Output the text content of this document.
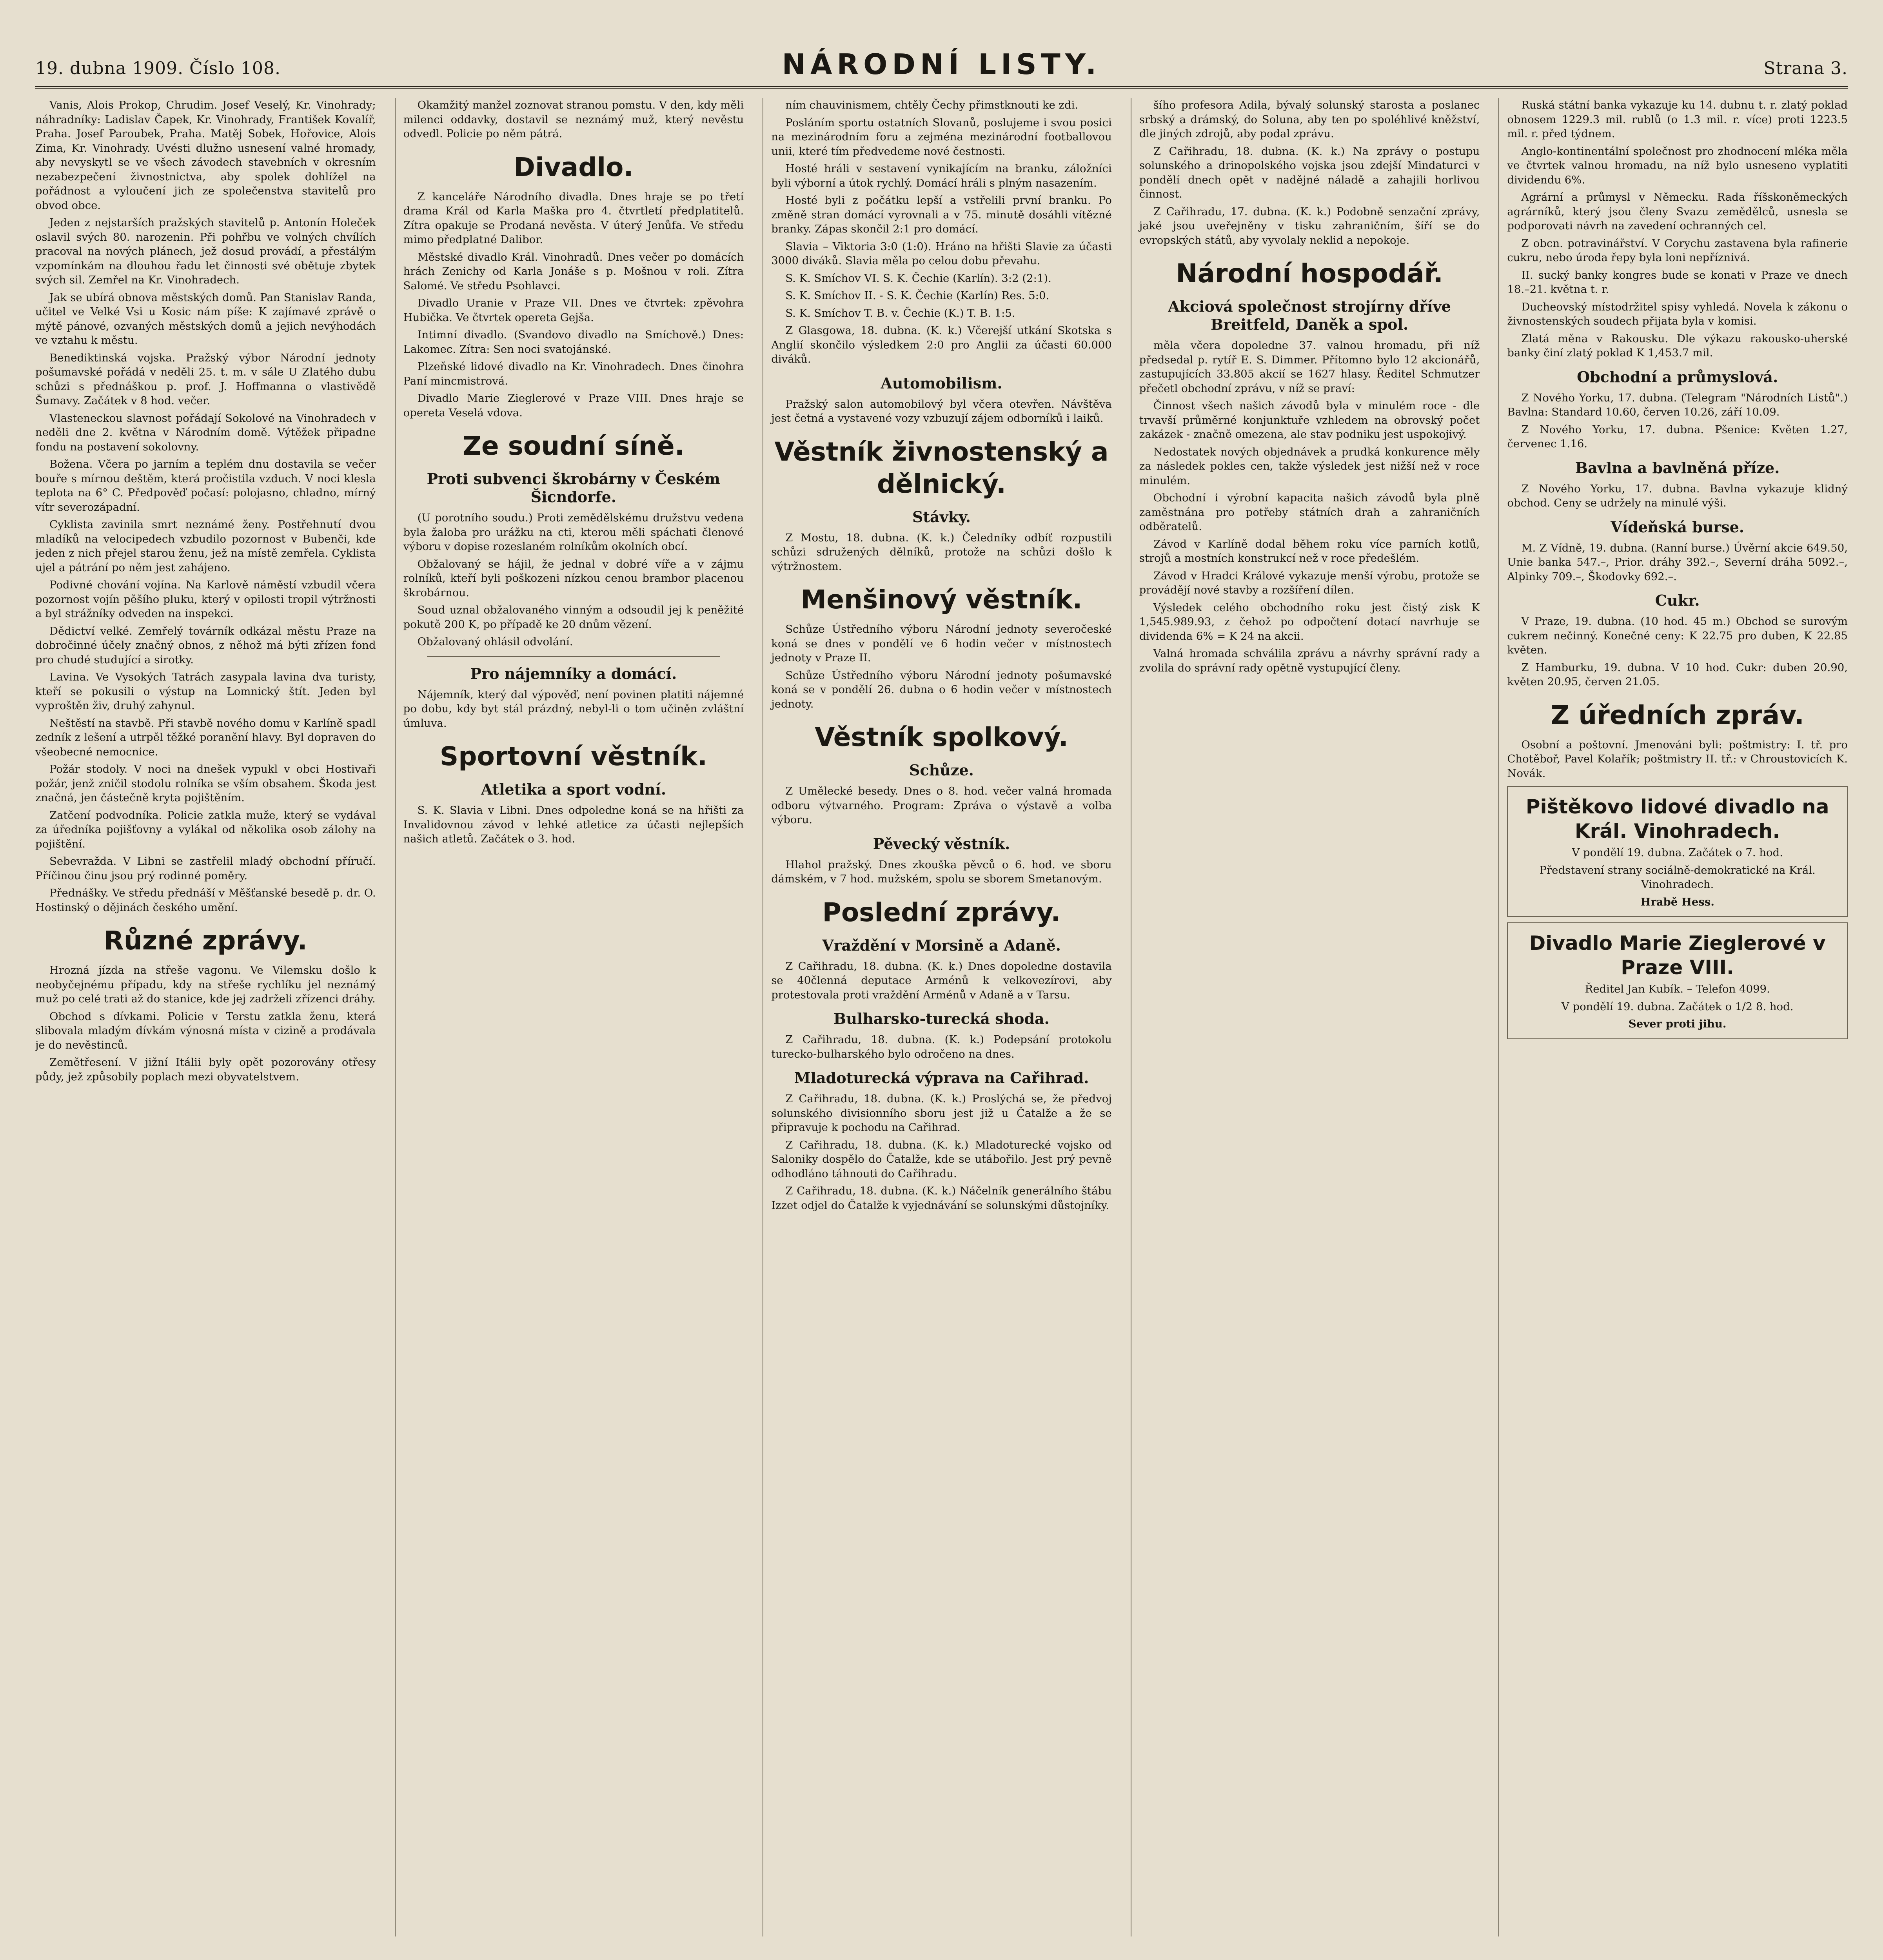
19. dubna 1909. Číslo 108.	NÁRODNÍ LISTY.	Strana 3.

Vanis, Alois Prokop, Chrudim. Josef Veselý, Kr. Vinohrady; náhradníky: Ladislav Čapek, Kr. Vinohrady, František Kovalíř, Praha. Josef Paroubek, Praha. Matěj Sobek, Hořovice, Alois Zima, Kr. Vinohrady. Uvésti dlužno usnesení valné hromady, aby nevyskytl se ve všech závodech stavebních v okresním nezabezpečení živnostnictva, aby spolek dohlížel na pořádnost a vyloučení jich ze společenstva stavitelů pro obvod obce.

Jeden z nejstarších pražských stavitelů p. Antonín Holeček oslavil svých 80. narozenin. Při pohřbu ve volných chvílích pracoval na nových plánech, jež dosud provádí, a přestálým vzpomínkám na dlouhou řadu let činnosti své obětuje zbytek svých sil. Zemřel na Kr. Vinohradech.

Jak se ubírá obnova městských domů. Pan Stanislav Randa, učitel ve Velké Vsi u Kosic nám píše: K zajímavé zprávě o mýtě pánové, ozvaných městských domů a jejich nevýhodách ve vztahu k městu.

Benediktinská vojska. Pražský výbor Národní jednoty pošumavské pořádá v neděli 25. t. m. v sále U Zlatého dubu schůzi s přednáškou p. prof. J. Hoffmanna o vlastivědě Šumavy. Začátek v 8 hod. večer.

Vlasteneckou slavnost pořádají Sokolové na Vinohradech v neděli dne 2. května v Národním domě. Výtěžek připadne fondu na postavení sokolovny.

Božena. Včera po jarním a teplém dnu dostavila se večer bouře s mírnou deštěm, která pročistila vzduch. V noci klesla teplota na 6° C. Předpověď počasí: polojasno, chladno, mírný vítr severozápadní.

Cyklista zavinila smrt neznámé ženy. Postřehnutí dvou mladíků na velocipedech vzbudilo pozornost v Bubenči, kde jeden z nich přejel starou ženu, jež na místě zemřela. Cyklista ujel a pátrání po něm jest zahájeno.

Podivné chování vojína. Na Karlově náměstí vzbudil včera pozornost vojín pěšího pluku, který v opilosti tropil výtržnosti a byl strážníky odveden na inspekci.

Dědictví velké. Zemřelý továrník odkázal městu Praze na dobročinné účely značný obnos, z něhož má býti zřízen fond pro chudé studující a sirotky.

Lavina. Ve Vysokých Tatrách zasypala lavina dva turisty, kteří se pokusili o výstup na Lomnický štít. Jeden byl vyproštěn živ, druhý zahynul.

Neštěstí na stavbě. Při stavbě nového domu v Karlíně spadl zedník z lešení a utrpěl těžké poranění hlavy. Byl dopraven do všeobecné nemocnice.

Požár stodoly. V noci na dnešek vypukl v obci Hostivaři požár, jenž zničil stodolu rolníka se vším obsahem. Škoda jest značná, jen částečně kryta pojištěním.

Zatčení podvodníka. Policie zatkla muže, který se vydával za úředníka pojišťovny a vylákal od několika osob zálohy na pojištění.

Sebevražda. V Libni se zastřelil mladý obchodní příručí. Příčinou činu jsou prý rodinné poměry.

Přednášky. Ve středu přednáší v Měšťanské besedě p. dr. O. Hostinský o dějinách českého umění.

Různé zprávy.

Hrozná jízda na střeše vagonu. Ve Vilemsku došlo k neobyčejnému případu, kdy na střeše rychlíku jel neznámý muž po celé trati až do stanice, kde jej zadrželi zřízenci dráhy.

Obchod s dívkami. Policie v Terstu zatkla ženu, která slibovala mladým dívkám výnosná místa v cizině a prodávala je do nevěstinců.

Zemětřesení. V jižní Itálii byly opět pozorovány otřesy půdy, jež způsobily poplach mezi obyvatelstvem.

Okamžitý manžel zoznovat stranou pomstu. V den, kdy měli milenci oddavky, dostavil se neznámý muž, který nevěstu odvedl. Policie po něm pátrá.

Divadlo.

Z kanceláře Národního divadla. Dnes hraje se po třetí drama Král od Karla Maška pro 4. čtvrtletí předplatitelů. Zítra opakuje se Prodaná nevěsta. V úterý Jenůfa. Ve středu mimo předplatné Dalibor.

Městské divadlo Král. Vinohradů. Dnes večer po domácích hrách Zenichy od Karla Jonáše s p. Mošnou v roli. Zítra Salomé. Ve středu Psohlavci.

Divadlo Uranie v Praze VII. Dnes ve čtvrtek: zpěvohra Hubička. Ve čtvrtek opereta Gejša.

Intimní divadlo. (Svandovo divadlo na Smíchově.) Dnes: Lakomec. Zítra: Sen noci svatojánské.

Plzeňské lidové divadlo na Kr. Vinohradech. Dnes činohra Paní mincmistrová.

Divadlo Marie Zieglerové v Praze VIII. Dnes hraje se opereta Veselá vdova.

Ze soudní síně.
Proti subvenci škrobárny v Českém Šicndorfe.

(U porotního soudu.) Proti zemědělskému družstvu vedena byla žaloba pro urážku na cti, kterou měli spáchati členové výboru v dopise rozeslaném rolníkům okolních obcí.

Obžalovaný se hájil, že jednal v dobré víře a v zájmu rolníků, kteří byli poškozeni nízkou cenou brambor placenou škrobárnou.

Soud uznal obžalovaného vinným a odsoudil jej k peněžité pokutě 200 K, po případě ke 20 dnům vězení.

Obžalovaný ohlásil odvolání.

Pro nájemníky a domácí.

Nájemník, který dal výpověď, není povinen platiti nájemné po dobu, kdy byt stál prázdný, nebyl-li o tom učiněn zvláštní úmluva.

Sportovní věstník.
Atletika a sport vodní.

S. K. Slavia v Libni. Dnes odpoledne koná se na hřišti za Invalidovnou závod v lehké atletice za účasti nejlepších našich atletů. Začátek o 3. hod.

ním chauvinismem, chtěly Čechy přimstknouti ke zdi.

Posláním sportu ostatních Slovanů, poslujeme i svou posici na mezinárodním foru a zejména mezinárodní footballovou unii, které tím předvedeme nové čestnosti.

Hosté hráli v sestavení vynikajícím na branku, záložníci byli výborní a útok rychlý. Domácí hráli s plným nasazením.

Hosté byli z počátku lepší a vstřelili první branku. Po změně stran domácí vyrovnali a v 75. minutě dosáhli vítězné branky. Zápas skončil 2:1 pro domácí.

Slavia – Viktoria 3:0 (1:0). Hráno na hřišti Slavie za účasti 3000 diváků. Slavia měla po celou dobu převahu.

S. K. Smíchov VI. S. K. Čechie (Karlín). 3:2 (2:1).

S. K. Smíchov II. - S. K. Čechie (Karlín) Res. 5:0.

S. K. Smíchov T. B. v. Čechie (K.) T. B. 1:5.

Z Glasgowa, 18. dubna. (K. k.) Včerejší utkání Skotska s Anglií skončilo výsledkem 2:0 pro Anglii za účasti 60.000 diváků.

Automobilism.

Pražský salon automobilový byl včera otevřen. Návštěva jest četná a vystavené vozy vzbuzují zájem odborníků i laiků.

Věstník živnostenský a dělnický.
Stávky.

Z Mostu, 18. dubna. (K. k.) Čeledníky odbíť rozpustili schůzi sdružených dělníků, protože na schůzi došlo k výtržnostem.

Menšinový věstník.

Schůze Ústředního výboru Národní jednoty severočeské koná se dnes v pondělí ve 6 hodin večer v místnostech jednoty v Praze II.

Schůze Ústředního výboru Národní jednoty pošumavské koná se v pondělí 26. dubna o 6 hodin večer v místnostech jednoty.

Věstník spolkový.
Schůze.

Z Umělecké besedy. Dnes o 8. hod. večer valná hromada odboru výtvarného. Program: Zpráva o výstavě a volba výboru.

Pěvecký věstník.

Hlahol pražský. Dnes zkouška pěvců o 6. hod. ve sboru dámském, v 7 hod. mužském, spolu se sborem Smetanovým.

Poslední zprávy.
Vraždění v Morsině a Adaně.

Z Cařihradu, 18. dubna. (K. k.) Dnes dopoledne dostavila se 40členná deputace Arménů k velkovezírovi, aby protestovala proti vraždění Arménů v Adaně a v Tarsu.

Bulharsko-turecká shoda.

Z Cařihradu, 18. dubna. (K. k.) Podepsání protokolu turecko-bulharského bylo odročeno na dnes.

Mladoturecká výprava na Cařihrad.

Z Cařihradu, 18. dubna. (K. k.) Proslýchá se, že předvoj solunského divisionního sboru jest již u Čatalže a že se připravuje k pochodu na Cařihrad.

Z Cařihradu, 18. dubna. (K. k.) Mladoturecké vojsko od Saloniky dospělo do Čatalže, kde se utábořilo. Jest prý pevně odhodláno táhnouti do Cařihradu.

Z Cařihradu, 18. dubna. (K. k.) Náčelník generálního štábu Izzet odjel do Čatalže k vyjednávání se solunskými důstojníky.

šího profesora Adila, bývalý solunský starosta a poslanec srbský a drámský, do Soluna, aby ten po spoléhlivé kněžství, dle jiných zdrojů, aby podal zprávu.

Z Cařihradu, 18. dubna. (K. k.) Na zprávy o postupu solunského a drinopolského vojska jsou zdejší Mindaturci v pondělí dnech opět v nadějné náladě a zahajili horlivou činnost.

Z Cařihradu, 17. dubna. (K. k.) Podobně senzační zprávy, jaké jsou uveřejněny v tisku zahraničním, šíří se do evropských států, aby vyvolaly neklid a nepokoje.

Národní hospodář.
Akciová společnost strojírny dříve Breitfeld, Daněk a spol.

měla včera dopoledne 37. valnou hromadu, při níž předsedal p. rytíř E. S. Dimmer. Přítomno bylo 12 akcionářů, zastupujících 33.805 akcií se 1627 hlasy. Ředitel Schmutzer přečetl obchodní zprávu, v níž se praví:

Činnost všech našich závodů byla v minulém roce - dle trvavší průměrné konjunktuře vzhledem na obrovský počet zakázek - značně omezena, ale stav podniku jest uspokojivý.

Nedostatek nových objednávek a prudká konkurence měly za následek pokles cen, takže výsledek jest nižší než v roce minulém.

Obchodní i výrobní kapacita našich závodů byla plně zaměstnána pro potřeby státních drah a zahraničních odběratelů.

Závod v Karlíně dodal během roku více parních kotlů, strojů a mostních konstrukcí než v roce předešlém.

Závod v Hradci Králové vykazuje menší výrobu, protože se provádějí nové stavby a rozšíření dílen.

Výsledek celého obchodního roku jest čistý zisk K 1,545.989.93, z čehož po odpočtení dotací navrhuje se dividenda 6% = K 24 na akcii.

Valná hromada schválila zprávu a návrhy správní rady a zvolila do správní rady opětně vystupující členy.

Ruská státní banka vykazuje ku 14. dubnu t. r. zlatý poklad obnosem 1229.3 mil. rublů (o 1.3 mil. r. více) proti 1223.5 mil. r. před týdnem.

Anglo-kontinentální společnost pro zhodnocení mléka měla ve čtvrtek valnou hromadu, na níž bylo usneseno vyplatiti dividendu 6%.

Agrární a průmysl v Německu. Rada říšskoněmeckých agrárníků, který jsou členy Svazu zemědělců, usnesla se podporovati návrh na zavedení ochranných cel.

Z obcn. potravinářství. V Corychu zastavena byla rafinerie cukru, nebo úroda řepy byla loni nepříznivá.

II. sucký banky kongres bude se konati v Praze ve dnech 18.–21. května t. r.

Ducheovský místodržitel spisy vyhledá. Novela k zákonu o živnostenských soudech přijata byla v komisi.

Zlatá měna v Rakousku. Dle výkazu rakousko-uherské banky činí zlatý poklad K 1,453.7 mil.

Obchodní a průmyslová.

Z Nového Yorku, 17. dubna. (Telegram "Národních Listů".) Bavlna: Standard 10.60, červen 10.26, září 10.09.

Z Nového Yorku, 17. dubna. Pšenice: Květen 1.27, červenec 1.16.

Bavlna a bavlněná příze.

Z Nového Yorku, 17. dubna. Bavlna vykazuje klidný obchod. Ceny se udržely na minulé výši.

Vídeňská burse.

M. Z Vídně, 19. dubna. (Ranní burse.) Úvěrní akcie 649.50, Unie banka 547.–, Prior. dráhy 392.–, Severní dráha 5092.–, Alpinky 709.–, Škodovky 692.–.

Cukr.

V Praze, 19. dubna. (10 hod. 45 m.) Obchod se surovým cukrem nečinný. Konečné ceny: K 22.75 pro duben, K 22.85 květen.

Z Hamburku, 19. dubna. V 10 hod. Cukr: duben 20.90, květen 20.95, červen 21.05.

Z úředních zpráv.

Osobní a poštovní. Jmenováni byli: poštmistry: I. tř. pro Chotěboř, Pavel Kolařík; poštmistry II. tř.: v Chroustovicích K. Novák.

Pištěkovo lidové divadlo na Král. Vinohradech.

V pondělí 19. dubna. Začátek o 7. hod.

Představení strany sociálně-demokratické na Král. Vinohradech.

Hrabě Hess.

Divadlo Marie Zieglerové v Praze VIII.

Ředitel Jan Kubík. – Telefon 4099.

V pondělí 19. dubna. Začátek o 1/2 8. hod.

Sever proti jihu.
